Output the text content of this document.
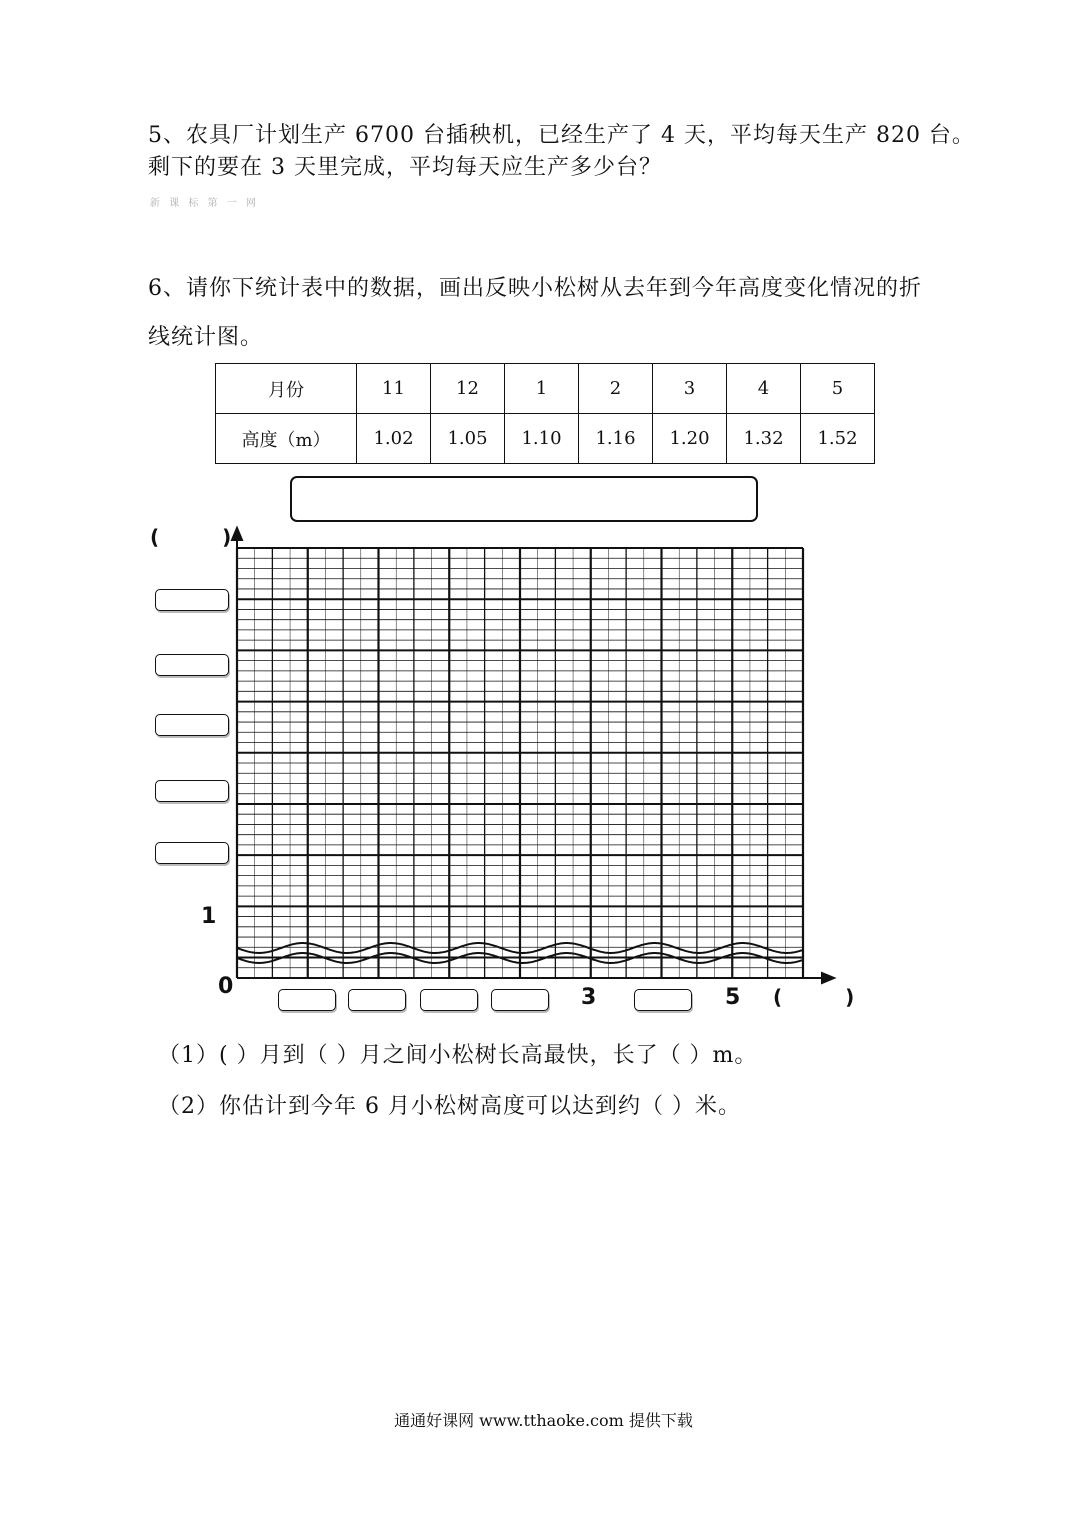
5、农具厂计划生产 6700 台插秧机，已经生产了 4 天，平均每天生产 820 台。
剩下的要在 3 天里完成，平均每天应生产多少台？
新 课 标 第 一 网
6、请你下统计表中的数据，画出反映小松树从去年到今年高度变化情况的折
线统计图。
月份	11	12	1	2	3	4	5
高度（m）	1.02	1.05	1.10	1.16	1.20	1.32	1.52
( )
( )
0
1
3	5
（1）( ）月到（ ）月之间小松树长高最快，长了（ ）m。
（2）你估计到今年 6 月小松树高度可以达到约（ ）米。
通通好课网 www.tthaoke.com 提供下载
